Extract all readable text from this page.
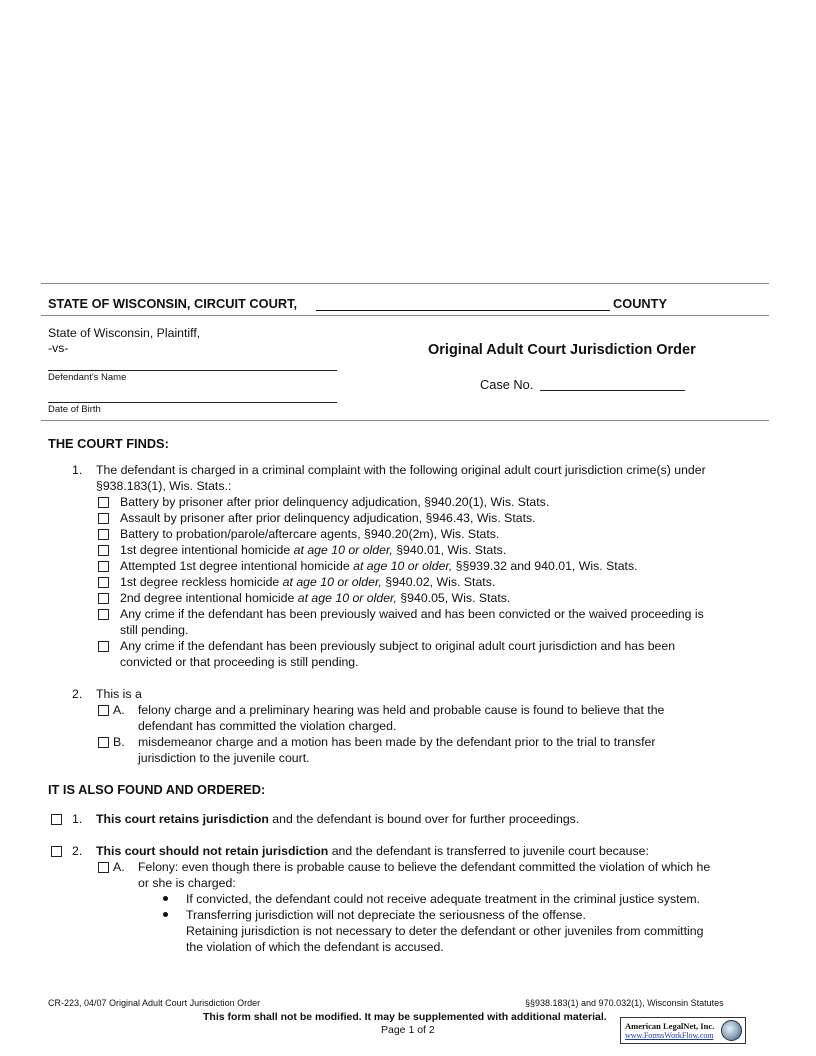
STATE OF WISCONSIN, CIRCUIT COURT,	COUNTY
State of Wisconsin, Plaintiff,
-vs-
Defendant's Name
Date of Birth
Original Adult Court Jurisdiction Order
Case No.
THE COURT FINDS:
1. The defendant is charged in a criminal complaint with the following original adult court jurisdiction crime(s) under
§938.183(1), Wis. Stats.:
Battery by prisoner after prior delinquency adjudication, §940.20(1), Wis. Stats.
Assault by prisoner after prior delinquency adjudication, §946.43, Wis. Stats.
Battery to probation/parole/aftercare agents, §940.20(2m), Wis. Stats.
1st degree intentional homicide at age 10 or older, §940.01, Wis. Stats.
Attempted 1st degree intentional homicide at age 10 or older, §§939.32 and 940.01, Wis. Stats.
1st degree reckless homicide at age 10 or older, §940.02, Wis. Stats.
2nd degree intentional homicide at age 10 or older, §940.05, Wis. Stats.
Any crime if the defendant has been previously waived and has been convicted or the waived proceeding is
still pending.
Any crime if the defendant has been previously subject to original adult court jurisdiction and has been
convicted or that proceeding is still pending.
2. This is a
A. felony charge and a preliminary hearing was held and probable cause is found to believe that the
defendant has committed the violation charged.
B. misdemeanor charge and a motion has been made by the defendant prior to the trial to transfer
jurisdiction to the juvenile court.
IT IS ALSO FOUND AND ORDERED:
1. This court retains jurisdiction and the defendant is bound over for further proceedings.
2. This court should not retain jurisdiction and the defendant is transferred to juvenile court because:
A. Felony: even though there is probable cause to believe the defendant committed the violation of which he
or she is charged:
If convicted, the defendant could not receive adequate treatment in the criminal justice system.
Transferring jurisdiction will not depreciate the seriousness of the offense.
Retaining jurisdiction is not necessary to deter the defendant or other juveniles from committing
the violation of which the defendant is accused.
CR-223, 04/07 Original Adult Court Jurisdiction Order	§§938.183(1) and 970.032(1), Wisconsin Statutes
This form shall not be modified. It may be supplemented with additional material.
Page 1 of 2	American LegalNet, Inc.
www.FormsWorkFlow.com
